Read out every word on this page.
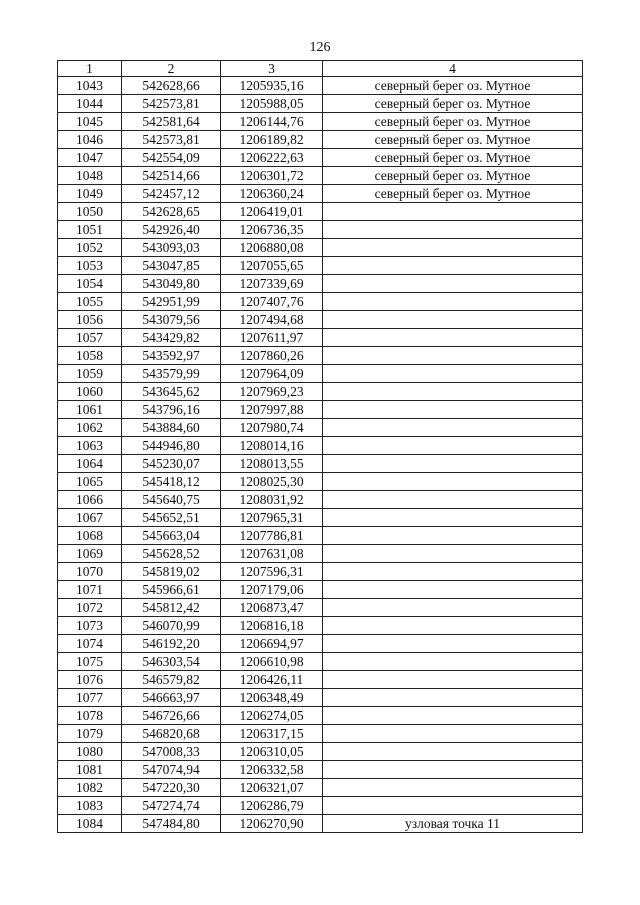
126
1	2	3	4
1043	542628,66	1205935,16	северный берег оз. Мутное
1044	542573,81	1205988,05	северный берег оз. Мутное
1045	542581,64	1206144,76	северный берег оз. Мутное
1046	542573,81	1206189,82	северный берег оз. Мутное
1047	542554,09	1206222,63	северный берег оз. Мутное
1048	542514,66	1206301,72	северный берег оз. Мутное
1049	542457,12	1206360,24	северный берег оз. Мутное
1050	542628,65	1206419,01	
1051	542926,40	1206736,35	
1052	543093,03	1206880,08	
1053	543047,85	1207055,65	
1054	543049,80	1207339,69	
1055	542951,99	1207407,76	
1056	543079,56	1207494,68	
1057	543429,82	1207611,97	
1058	543592,97	1207860,26	
1059	543579,99	1207964,09	
1060	543645,62	1207969,23	
1061	543796,16	1207997,88	
1062	543884,60	1207980,74	
1063	544946,80	1208014,16	
1064	545230,07	1208013,55	
1065	545418,12	1208025,30	
1066	545640,75	1208031,92	
1067	545652,51	1207965,31	
1068	545663,04	1207786,81	
1069	545628,52	1207631,08	
1070	545819,02	1207596,31	
1071	545966,61	1207179,06	
1072	545812,42	1206873,47	
1073	546070,99	1206816,18	
1074	546192,20	1206694,97	
1075	546303,54	1206610,98	
1076	546579,82	1206426,11	
1077	546663,97	1206348,49	
1078	546726,66	1206274,05	
1079	546820,68	1206317,15	
1080	547008,33	1206310,05	
1081	547074,94	1206332,58	
1082	547220,30	1206321,07	
1083	547274,74	1206286,79	
1084	547484,80	1206270,90	узловая точка 11
